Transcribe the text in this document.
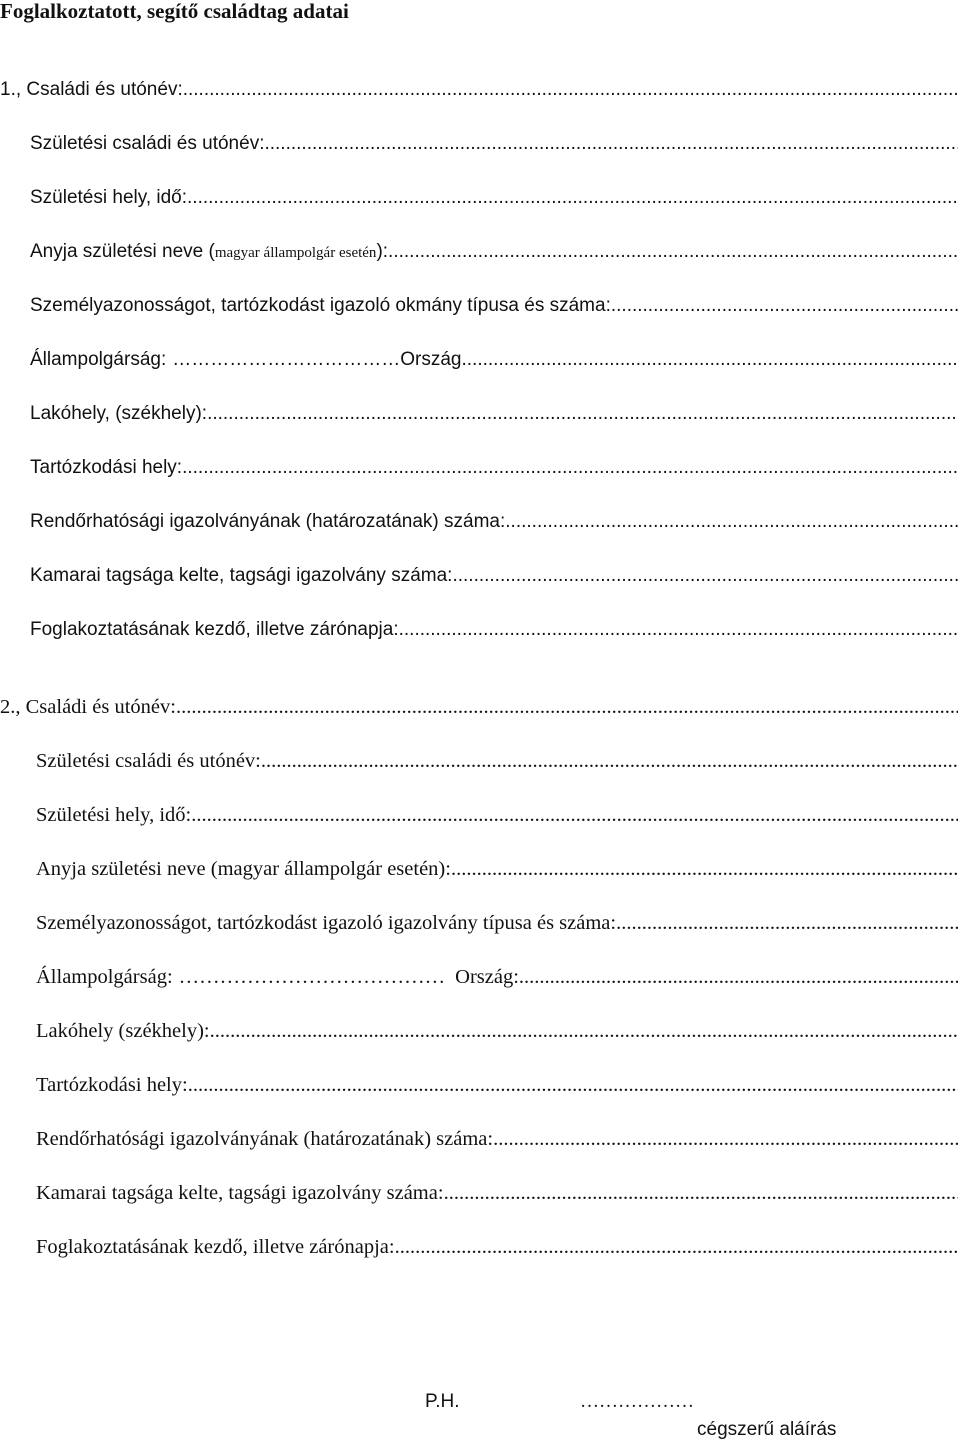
Foglalkoztatott, segítő családtag adatai
1., Családi és utónév:
.....
Születési családi és utónév:
.....
Születési hely, idő:
.....
Anyja születési neve ( magyar állampolgár esetén ):
.....
Személyazonosságot, tartózkodást igazoló okmány típusa és száma:
.....
Állampolgárság: ……………………………… Ország
.....
Lakóhely, (székhely):
.....
Tartózkodási hely:
.....
Rendőrhatósági igazolványának (határozatának) száma:
.....
Kamarai tagsága kelte, tagsági igazolvány száma:
.....
Foglakoztatásának kezdő, illetve zárónapja:
.....
2., Családi és utónév:
.....
Születési családi és utónév:
.....
Születési hely, idő:
.....
Anyja születési neve (magyar állampolgár esetén):
.....
Személyazonosságot, tartózkodást igazoló igazolvány típusa és száma:
.....
Állampolgárság: ………………………………… Ország:
.....
Lakóhely (székhely):
.....
Tartózkodási hely:
.....
Rendőrhatósági igazolványának (határozatának) száma:
.....
Kamarai tagsága kelte, tagsági igazolvány száma:
.....
Foglakoztatásának kezdő, illetve zárónapja:
.....
P.H.	………………
cégszerű aláírás
